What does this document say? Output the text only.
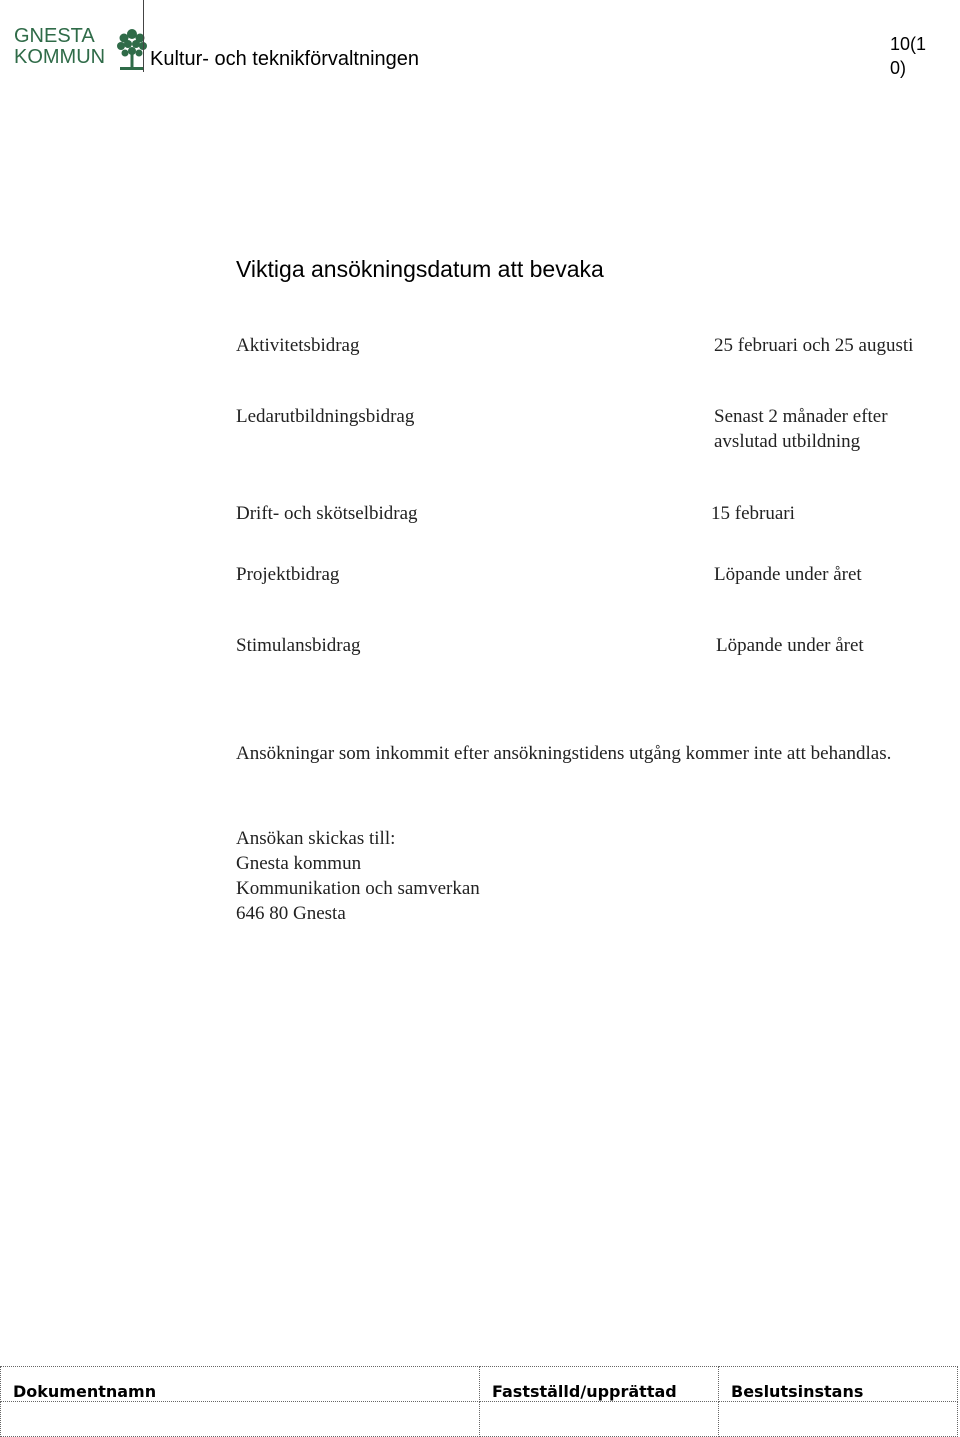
GNESTA
KOMMUN Kultur- och teknikförvaltningen
10(1
0)
Viktiga ansökningsdatum att bevaka
Aktivitetsbidrag	25 februari och 25 augusti
Ledarutbildningsbidrag	Senast 2 månader efter avslutad utbildning
Drift- och skötselbidrag	15 februari
Projektbidrag	Löpande under året
Stimulansbidrag	Löpande under året
Ansökningar som inkommit efter ansökningstidens utgång kommer inte att behandlas.
Ansökan skickas till:
Gnesta kommun
Kommunikation och samverkan
646 80 Gnesta
Dokumentnamn	Fastställd/upprättad	Beslutsinstans
